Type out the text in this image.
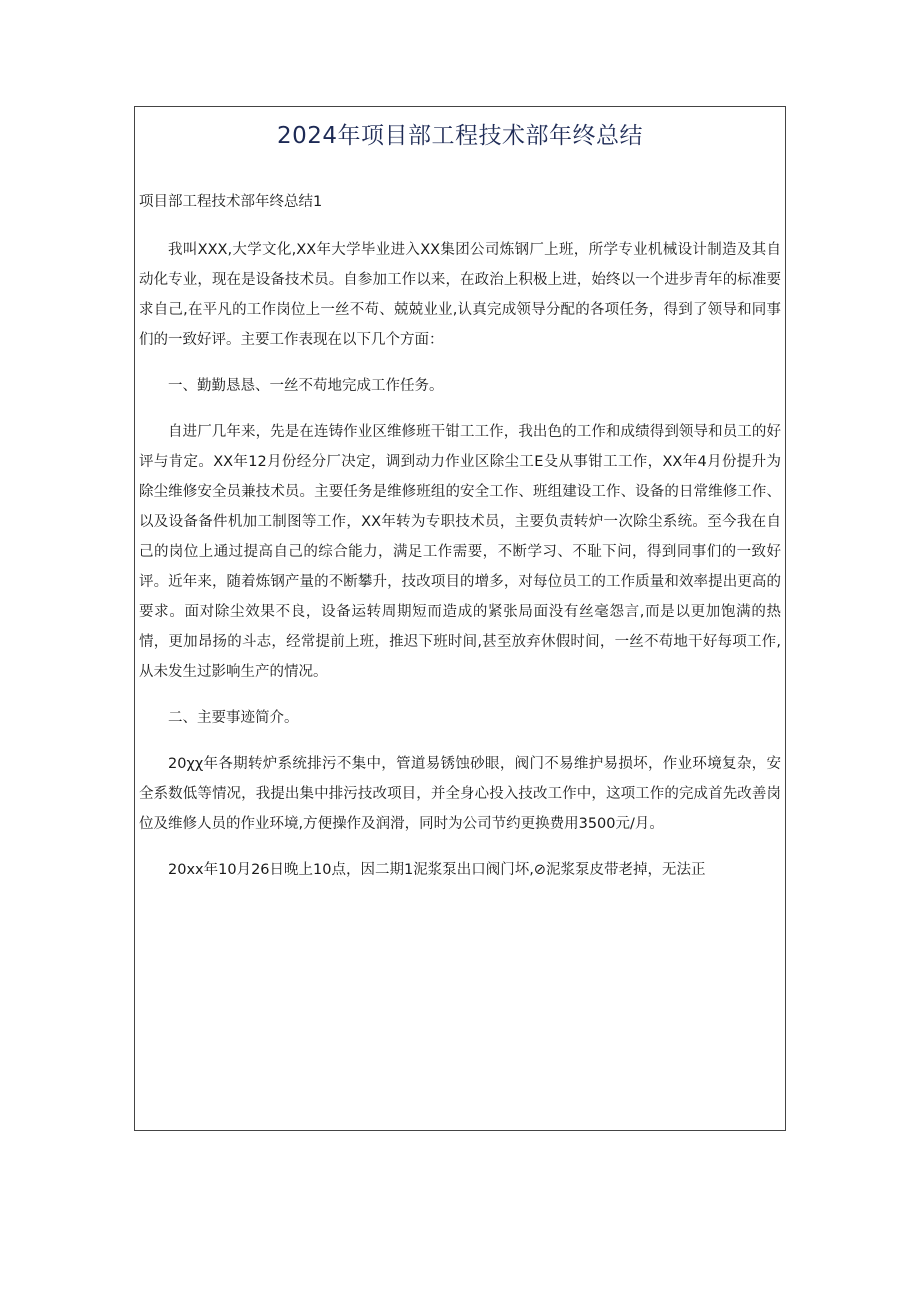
2024年项目部工程技术部年终总结

项目部工程技术部年终总结1

我叫XXX,大学文化,XX年大学毕业进入XX集团公司炼钢厂上班，所学专业机械设计制造及其自动化专业，现在是设备技术员。自参加工作以来，在政治上积极上进，始终以一个进步青年的标准要求自己,在平凡的工作岗位上一丝不苟、兢兢业业,认真完成领导分配的各项任务，得到了领导和同事们的一致好评。主要工作表现在以下几个方面：

一、勤勤恳恳、一丝不苟地完成工作任务。

自进厂几年来，先是在连铸作业区维修班干钳工工作，我出色的工作和成绩得到领导和员工的好评与肯定。XX年12月份经分厂决定，调到动力作业区除尘工E殳从事钳工工作，XX年4月份提升为除尘维修安全员兼技术员。主要任务是维修班组的安全工作、班组建设工作、设备的日常维修工作、以及设备备件机加工制图等工作，XX年转为专职技术员，主要负责转炉一次除尘系统。至今我在自己的岗位上通过提高自己的综合能力，满足工作需要，不断学习、不耻下问，得到同事们的一致好评。近年来，随着炼钢产量的不断攀升，技改项目的增多，对每位员工的工作质量和效率提出更高的要求。面对除尘效果不良，设备运转周期短而造成的紧张局面没有丝毫怨言,而是以更加饱满的热情，更加昂扬的斗志，经常提前上班，推迟下班时间,甚至放弃休假时间，一丝不苟地干好每项工作,从未发生过影响生产的情况。

二、主要事迹简介。

20χχ年各期转炉系统排污不集中，管道易锈蚀砂眼，阀门不易维护易损坏，作业环境复杂，安全系数低等情况，我提出集中排污技改项目，并全身心投入技改工作中，这项工作的完成首先改善岗位及维修人员的作业环境,方便操作及润滑，同时为公司节约更换费用3500元/月。

20xx年10月26日晚上10点，因二期1泥浆泵出口阀门坏,⊘泥浆泵皮带老掉，无法正
